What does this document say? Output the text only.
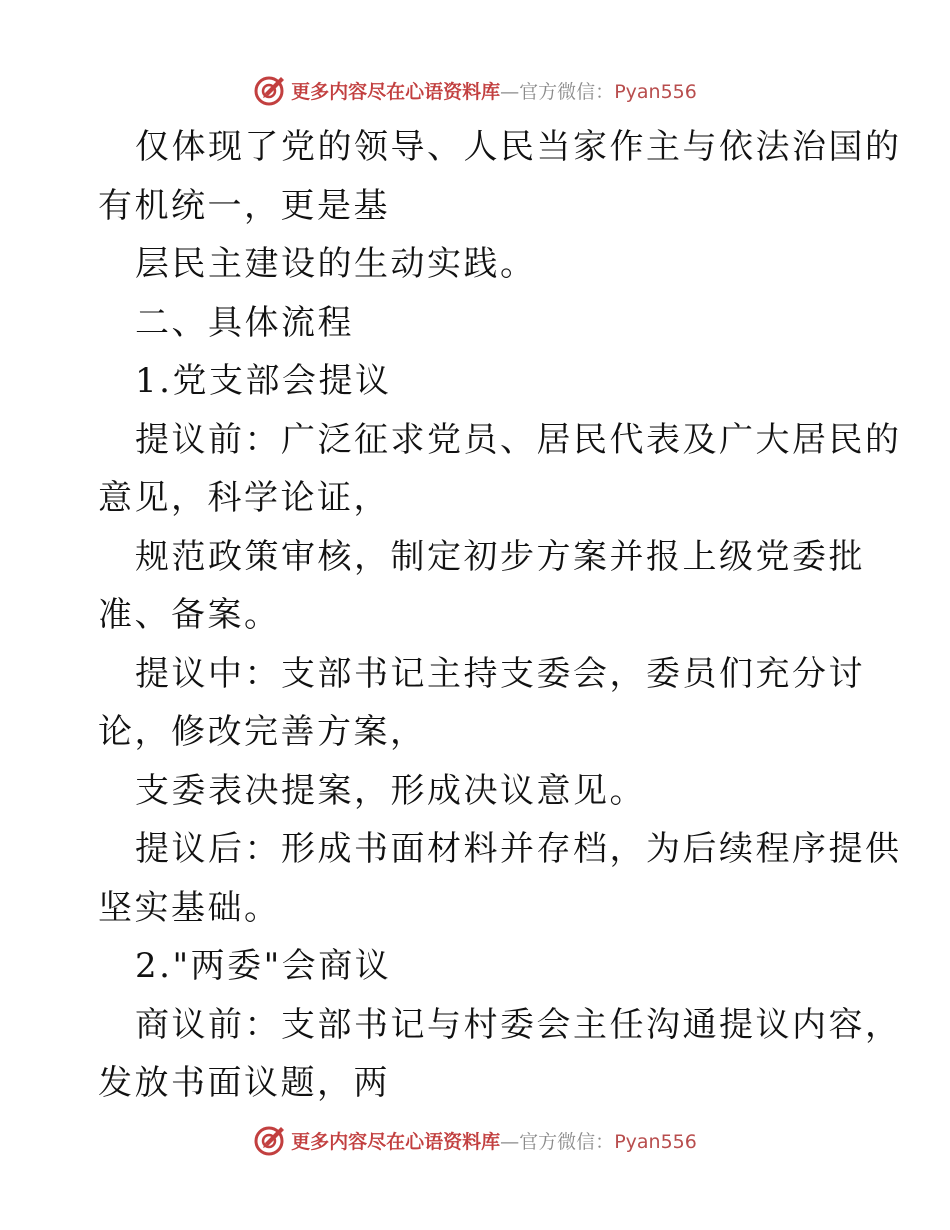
更多内容尽在心语资料库—官方微信：Pyan556
仅体现了党的领导、人民当家作主与依法治国的
有机统一，更是基
层民主建设的生动实践。
二、具体流程
1.党支部会提议
提议前：广泛征求党员、居民代表及广大居民的
意见，科学论证，
规范政策审核，制定初步方案并报上级党委批
准、备案。
提议中：支部书记主持支委会，委员们充分讨
论，修改完善方案，
支委表决提案，形成决议意见。
提议后：形成书面材料并存档，为后续程序提供
坚实基础。
2."两委"会商议
商议前：支部书记与村委会主任沟通提议内容，
发放书面议题，两
更多内容尽在心语资料库—官方微信：Pyan556
